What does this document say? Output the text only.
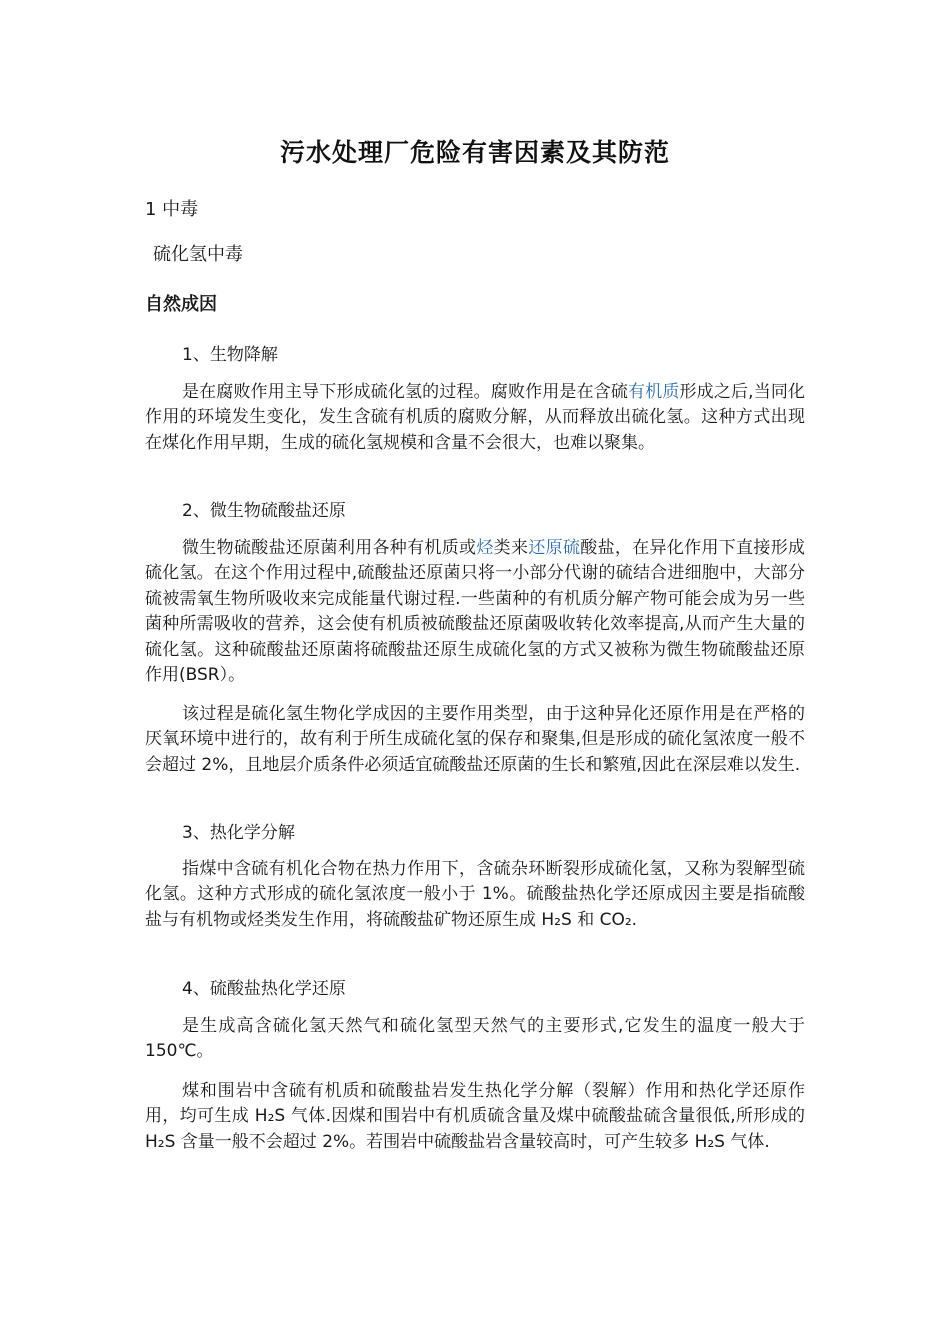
污水处理厂危险有害因素及其防范
1 中毒
硫化氢中毒
自然成因
1、生物降解
是在腐败作用主导下形成硫化氢的过程。腐败作用是在含硫有机质形成之后,当同化作用的环境发生变化，发生含硫有机质的腐败分解，从而释放出硫化氢。这种方式出现在煤化作用早期，生成的硫化氢规模和含量不会很大，也难以聚集。
2、微生物硫酸盐还原
微生物硫酸盐还原菌利用各种有机质或烃类来还原硫酸盐，在异化作用下直接形成硫化氢。在这个作用过程中,硫酸盐还原菌只将一小部分代谢的硫结合进细胞中，大部分硫被需氧生物所吸收来完成能量代谢过程.一些菌种的有机质分解产物可能会成为另一些菌种所需吸收的营养，这会使有机质被硫酸盐还原菌吸收转化效率提高,从而产生大量的硫化氢。这种硫酸盐还原菌将硫酸盐还原生成硫化氢的方式又被称为微生物硫酸盐还原作用(BSR）。
该过程是硫化氢生物化学成因的主要作用类型，由于这种异化还原作用是在严格的厌氧环境中进行的，故有利于所生成硫化氢的保存和聚集,但是形成的硫化氢浓度一般不会超过 2%，且地层介质条件必须适宜硫酸盐还原菌的生长和繁殖,因此在深层难以发生.
3、热化学分解
指煤中含硫有机化合物在热力作用下，含硫杂环断裂形成硫化氢，又称为裂解型硫化氢。这种方式形成的硫化氢浓度一般小于 1%。硫酸盐热化学还原成因主要是指硫酸盐与有机物或烃类发生作用，将硫酸盐矿物还原生成 H₂S 和 CO₂.
4、硫酸盐热化学还原
是生成高含硫化氢天然气和硫化氢型天然气的主要形式,它发生的温度一般大于 150℃。
煤和围岩中含硫有机质和硫酸盐岩发生热化学分解（裂解）作用和热化学还原作用，均可生成 H₂S 气体.因煤和围岩中有机质硫含量及煤中硫酸盐硫含量很低,所形成的 H₂S 含量一般不会超过 2%。若围岩中硫酸盐岩含量较高时，可产生较多 H₂S 气体.
